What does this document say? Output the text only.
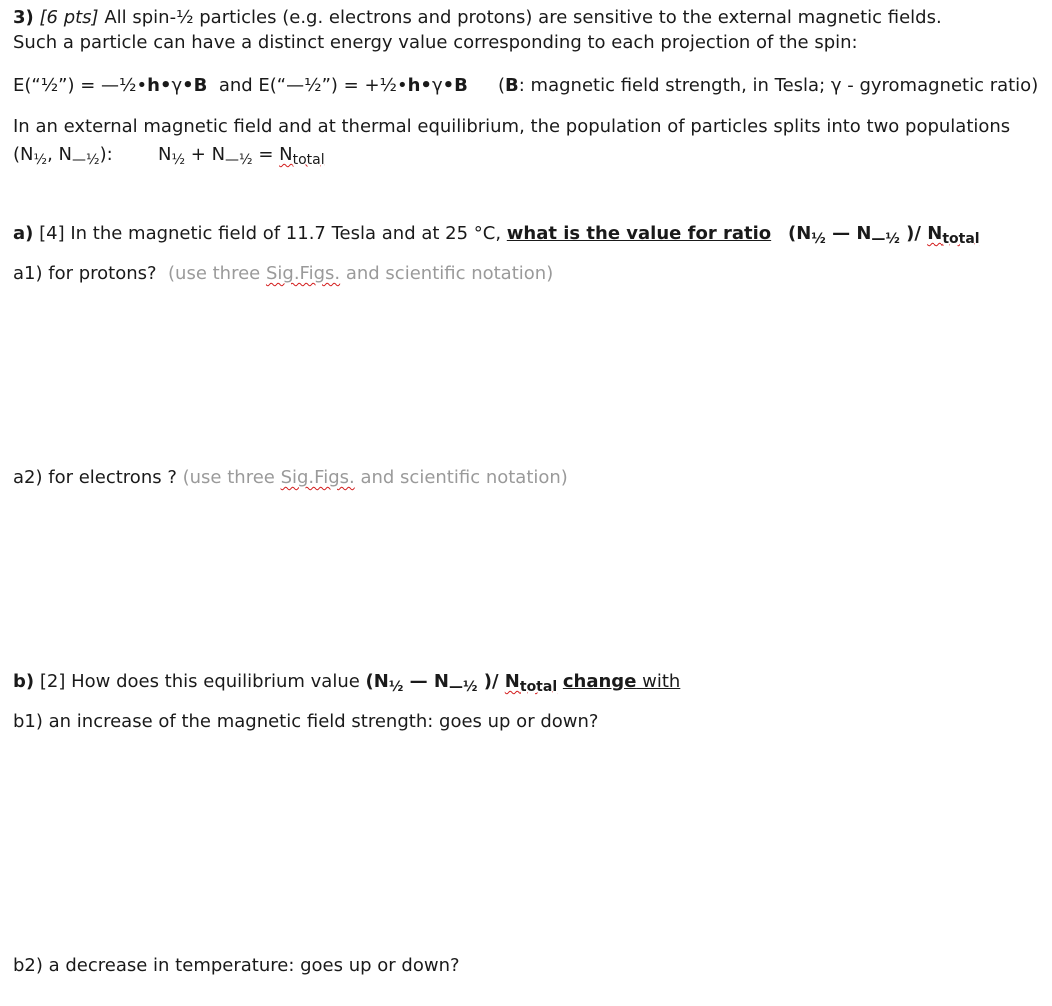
3) [6 pts] All spin-½ particles (e.g. electrons and protons) are sensitive to the external magnetic fields.
Such a particle can have a distinct energy value corresponding to each projection of the spin:
E(“½”) = —½•h•γ•B and E(“—½”) = +½•h•γ•B (B: magnetic field strength, in Tesla; γ - gyromagnetic ratio)
In an external magnetic field and at thermal equilibrium, the population of particles splits into two populations
($N_{\frac{1}{2}}$, $N_{—\frac{1}{2}}$):	$N_{\frac{1}{2}} + N_{—\frac{1}{2}} = N_{total}$
a) [4] In the magnetic field of 11.7 Tesla and at 25 °C, what is the value for ratio ($N_{\frac{1}{2}}$ — $N_{—\frac{1}{2}}$ )/ $N_{total}$
a1) for protons? (use three Sig.Figs. and scientific notation)
a2) for electrons ? (use three Sig.Figs. and scientific notation)
b) [2] How does this equilibrium value ($N_{\frac{1}{2}}$ — $N_{—\frac{1}{2}}$ )/ $N_{total}$ change with
b1) an increase of the magnetic field strength: goes up or down?
b2) a decrease in temperature: goes up or down?
